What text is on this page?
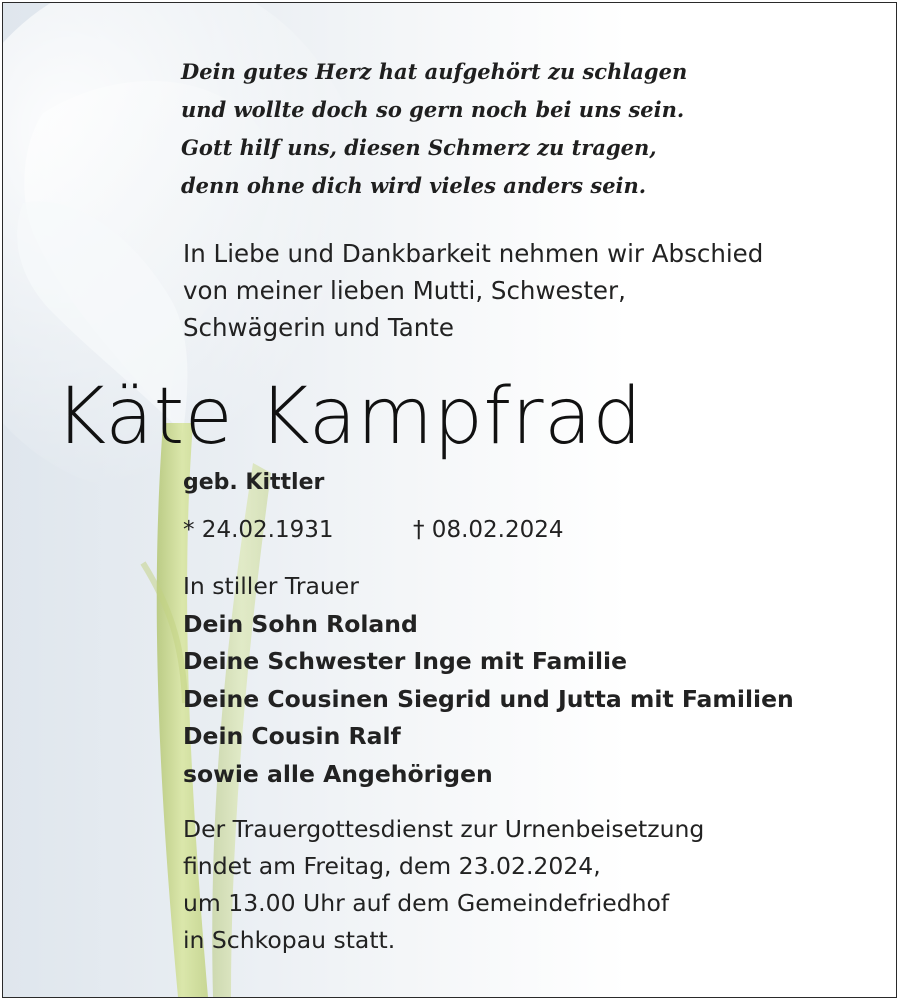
Dein gutes Herz hat aufgehört zu schlagen
und wollte doch so gern noch bei uns sein.
Gott hilf uns, diesen Schmerz zu tragen,
denn ohne dich wird vieles anders sein.
In Liebe und Dankbarkeit nehmen wir Abschied
von meiner lieben Mutti, Schwester,
Schwägerin und Tante
Käte Kampfrad
geb. Kittler
* 24.02.1931	† 08.02.2024
In stiller Trauer
Dein Sohn Roland
Deine Schwester Inge mit Familie
Deine Cousinen Siegrid und Jutta mit Familien
Dein Cousin Ralf
sowie alle Angehörigen
Der Trauergottesdienst zur Urnenbeisetzung
findet am Freitag, dem 23.02.2024,
um 13.00 Uhr auf dem Gemeindefriedhof
in Schkopau statt.
